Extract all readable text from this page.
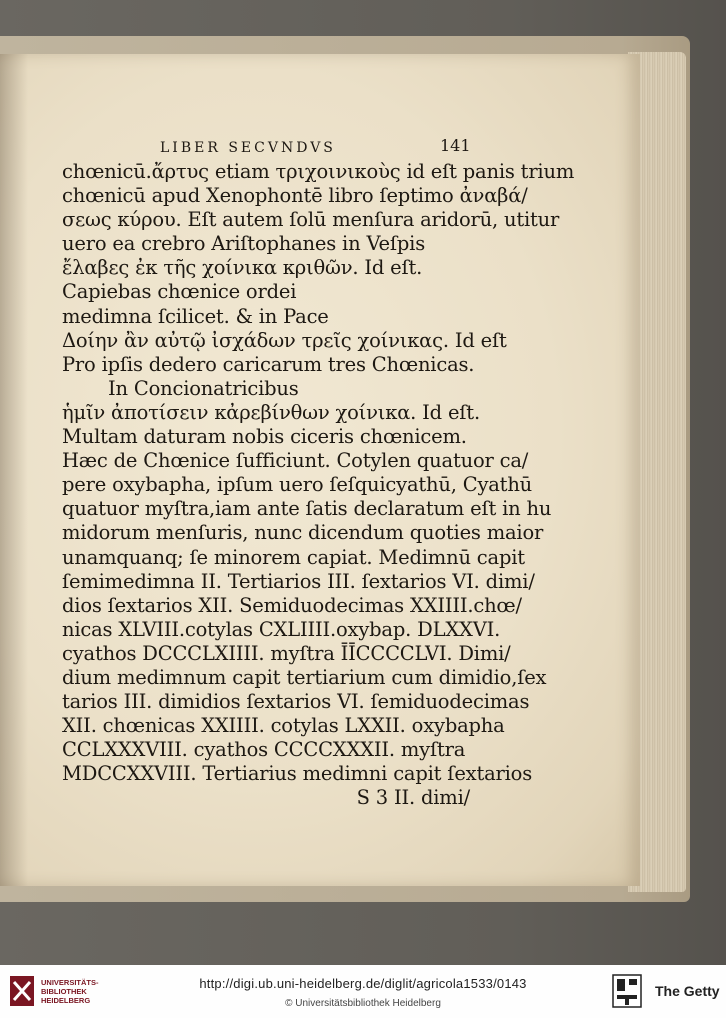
LIBER SECVNDVS	141
chœnicū.ἄρτυς etiam τριχοινικοὺς id eſt panis trium
chœnicū apud Xenophontē libro ſeptimo ἀναβά/
σεως κύρου. Eſt autem ſolū menſura aridorū, utitur
uero ea crebro Ariſtophanes in Veſpis
ἔλαβες ἐκ τῆς χοίνικα κριθῶν. Id eſt.
Capiebas chœnice ordei
medimna ſcilicet. & in Pace
Δοίην ἂν αὐτῷ ἰσχάδων τρεῖς χοίνικας. Id eſt
Pro ipſis dedero caricarum tres Chœnicas.
In Concionatricibus
ἡμῖν ἀποτίσειν κἀρεβίνθων χοίνικα. Id eſt.
Multam daturam nobis ciceris chœnicem.
Hæc de Chœnice ſufficiunt. Cotylen quatuor ca/
pere oxybapha, ipſum uero ſeſquicyathū, Cyathū
quatuor myſtra,iam ante ſatis declaratum eſt in hu
midorum menſuris, nunc dicendum quoties maior
unamquanq; ſe minorem capiat. Medimnū capit
ſemimedimna II. Tertiarios III. ſextarios VI. dimi/
dios ſextarios XII. Semiduodecimas XXIIII.chœ/
nicas XLVIII.cotylas CXLIIII.oxybap. DLXXVI.
cyathos DCCCLXIIII. myſtra ĪĪCCCCLVI. Dimi/
dium medimnum capit tertiarium cum dimidio,ſex
tarios III. dimidios ſextarios VI. ſemiduodecimas
XII. chœnicas XXIIII. cotylas LXXII. oxybapha
CCLXXXVIII. cyathos CCCCXXXII. myſtra
MDCCXXVIII. Tertiarius medimni capit ſextarios
S 3 II. dimi/
UNIVERSITÄTS- BIBLIOTHEK HEIDELBERG
http://digi.ub.uni-heidelberg.de/diglit/agricola1533/0143
© Universitätsbibliothek Heidelberg
The Getty
